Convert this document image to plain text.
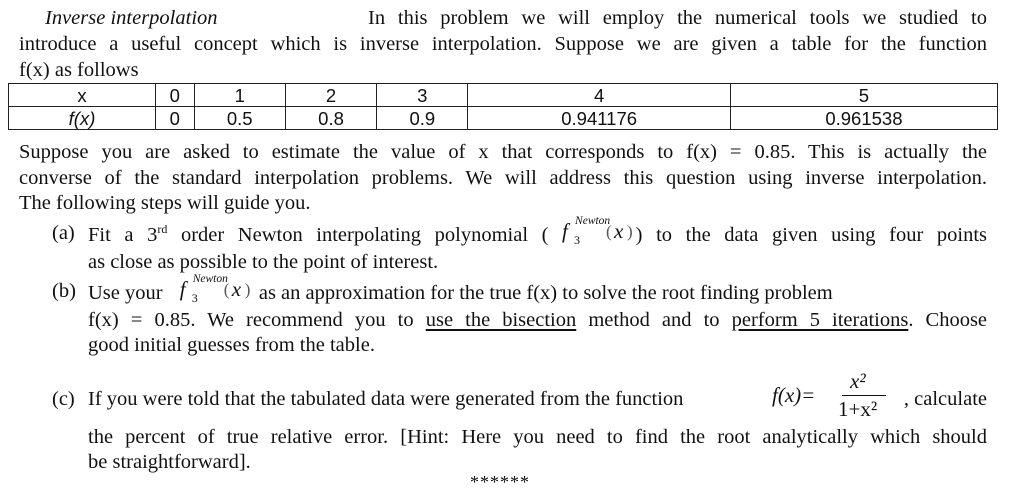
Inverse interpolation	In this problem we will employ the numerical tools we studied to
introduce a useful concept which is inverse interpolation. Suppose we are given a table for the function
f(x) as follows
x	0	1	2	3	4	5
f(x)	0	0.5	0.8	0.9	0.941176	0.961538
Suppose you are asked to estimate the value of x that corresponds to f(x) = 0.85. This is actually the
converse of the standard interpolation problems. We will address this question using inverse interpolation.
The following steps will guide you.
(a) Fit a 3rd order Newton interpolating polynomial ( f Newton
3 ( x ) ) to the data given using four points
as close as possible to the point of interest.
(b) Use your f Newton
3 ( x ) as an approximation for the true f(x) to solve the root finding problem
f(x) = 0.85. We recommend you to use the bisection method and to perform 5 iterations. Choose
good initial guesses from the table.
(c) If you were told that the tabulated data were generated from the function	f(x)=
x²
1+x² , calculate
the percent of true relative error. [Hint: Here you need to find the root analytically which should
be straightforward].
******
